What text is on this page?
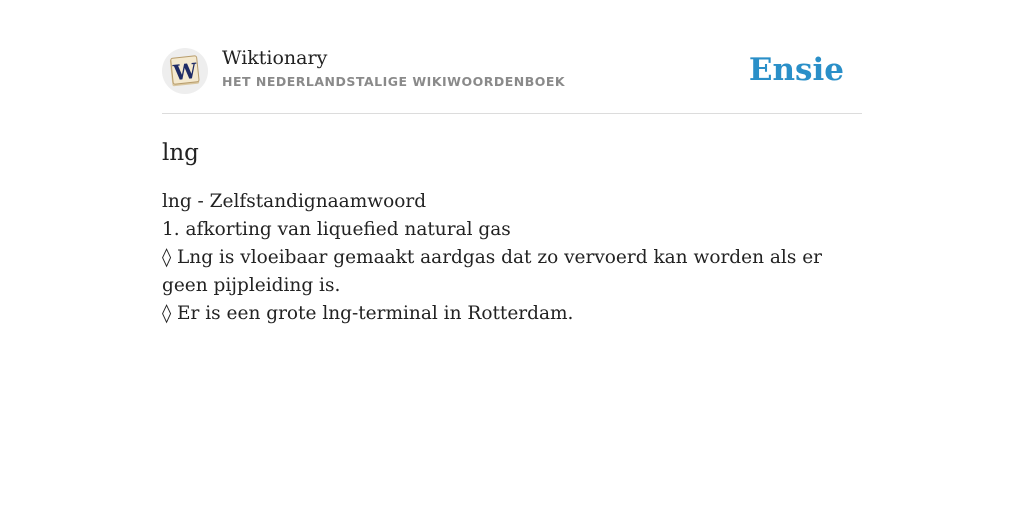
W Wiktionary
HET NEDERLANDSTALIGE WIKIWOORDENBOEK	Ensie
lng
lng - Zelfstandignaamwoord
1. afkorting van liquefied natural gas
◊ Lng is vloeibaar gemaakt aardgas dat zo vervoerd kan worden als er geen pijpleiding is.
◊ Er is een grote lng-terminal in Rotterdam.
